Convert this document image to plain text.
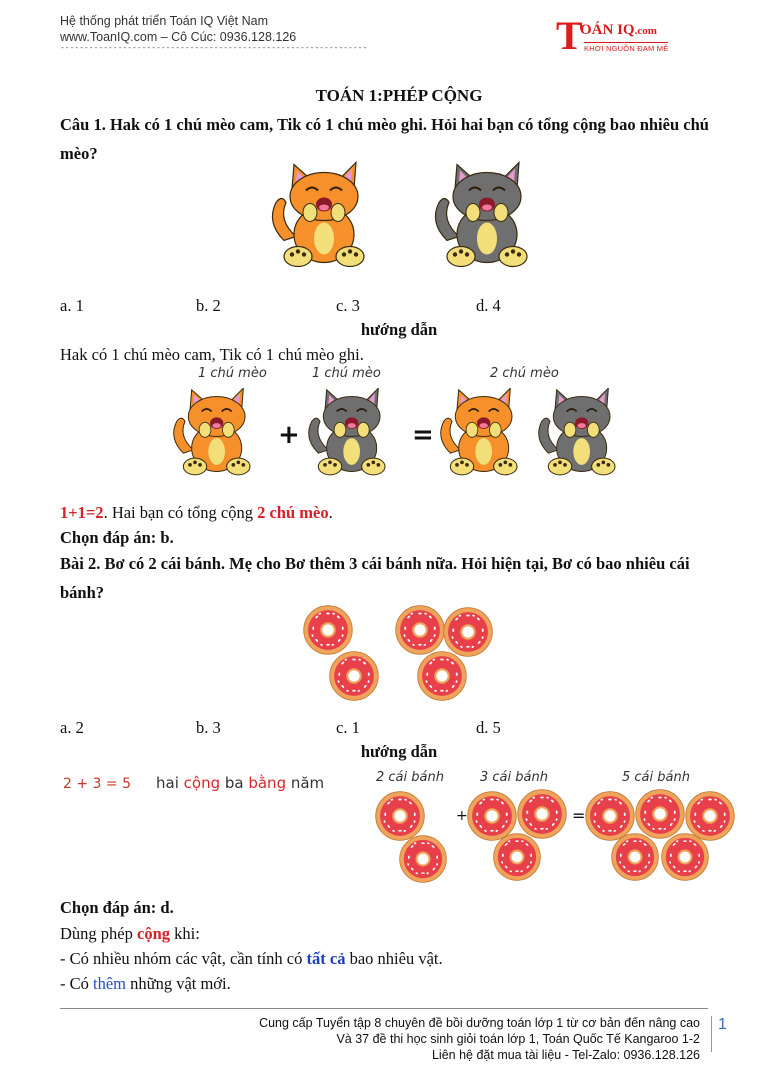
Hệ thống phát triển Toán IQ Việt Nam
www.ToanIQ.com – Cô Cúc: 0936.128.126
----------------------------------------------------------------	T
OÁN IQ.com
KHƠI NGUỒN ĐAM MÊ
TOÁN 1:PHÉP CỘNG
Câu 1. Hak có 1 chú mèo cam, Tik có 1 chú mèo ghi. Hỏi hai bạn có tổng cộng bao nhiêu chú mèo?
a. 1	b. 2	c. 3	d. 4
hướng dẫn
Hak có 1 chú mèo cam, Tik có 1 chú mèo ghi.
1 chú mèo	1 chú mèo	2 chú mèo
+	=
1+1=2. Hai bạn có tổng cộng 2 chú mèo.
Chọn đáp án: b.
Bài 2. Bơ có 2 cái bánh. Mẹ cho Bơ thêm 3 cái bánh nữa. Hỏi hiện tại, Bơ có bao nhiêu cái bánh?
a. 2	b. 3	c. 1	d. 5
hướng dẫn
2 + 3 = 5 hai cộng ba bằng năm	2 cái bánh	3 cái bánh	5 cái bánh
+	=
Chọn đáp án: d.
Dùng phép cộng khi:
- Có nhiều nhóm các vật, cần tính có tất cả bao nhiêu vật.
- Có thêm những vật mới.
Cung cấp Tuyển tập 8 chuyên đề bồi dưỡng toán lớp 1 từ cơ bản đến nâng cao
Và 37 đề thi học sinh giỏi toán lớp 1, Toán Quốc Tế Kangaroo 1-2
Liên hệ đặt mua tài liệu - Tel-Zalo: 0936.128.126
1
